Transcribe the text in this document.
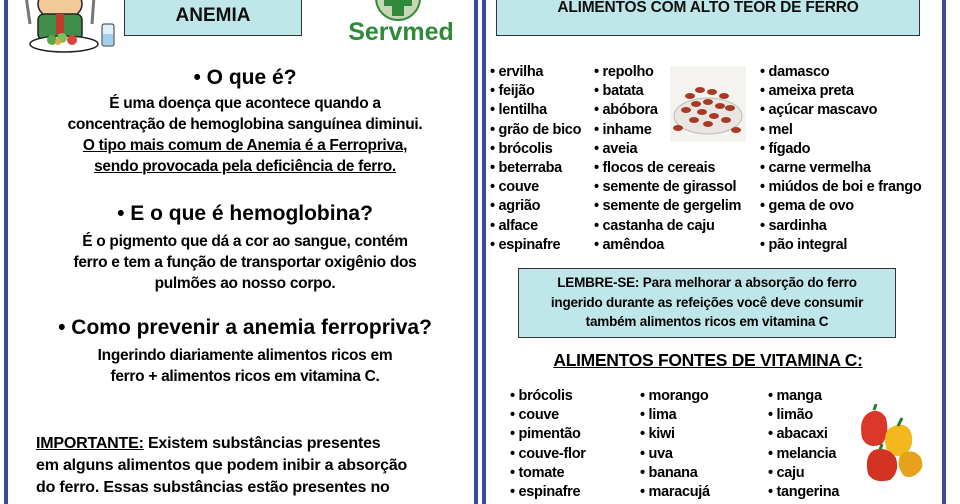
ANEMIA
Servmed
• O que é?
É uma doença que acontece quando a
concentração de hemoglobina sanguínea diminui.
O tipo mais comum de Anemia é a Ferropriva,
sendo provocada pela deficiência de ferro.
• E o que é hemoglobina?
É o pigmento que dá a cor ao sangue, contém
ferro e tem a função de transportar oxigênio dos
pulmões ao nosso corpo.
• Como prevenir a anemia ferropriva?
Ingerindo diariamente alimentos ricos em
ferro + alimentos ricos em vitamina C.
IMPORTANTE: Existem substâncias presentes
em alguns alimentos que podem inibir a absorção
do ferro. Essas substâncias estão presentes no
ALIMENTOS COM ALTO TEOR DE FERRO
• ervilha
• feijão
• lentilha
• grão de bico
• brócolis
• beterraba
• couve
• agrião
• alface
• espinafre
• repolho
• batata
• abóbora
• inhame
• aveia
• flocos de cereais
• semente de girassol
• semente de gergelim
• castanha de caju
• amêndoa
• damasco
• ameixa preta
• açúcar mascavo
• mel
• fígado
• carne vermelha
• miúdos de boi e frango
• gema de ovo
• sardinha
• pão integral
LEMBRE-SE: Para melhorar a absorção do ferro
ingerido durante as refeições você deve consumir
também alimentos ricos em vitamina C
ALIMENTOS FONTES DE VITAMINA C:
• brócolis
• couve
• pimentão
• couve-flor
• tomate
• espinafre
• morango
• lima
• kiwi
• uva
• banana
• maracujá
• manga
• limão
• abacaxi
• melancia
• caju
• tangerina
